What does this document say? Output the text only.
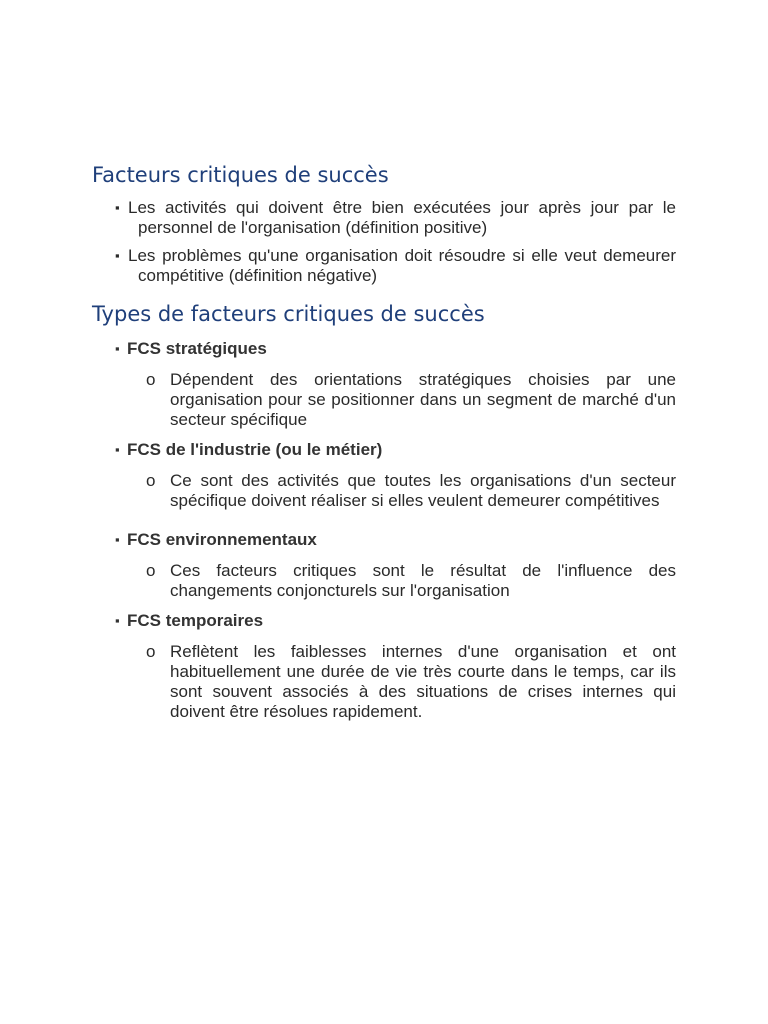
Facteurs critiques de succès
▪ Les activités qui doivent être bien exécutées jour après jour par le personnel de l'organisation (définition positive)
▪ Les problèmes qu'une organisation doit résoudre si elle veut demeurer compétitive (définition négative)
Types de facteurs critiques de succès
▪ FCS stratégiques
o Dépendent des orientations stratégiques choisies par une organisation pour se positionner dans un segment de marché d'un secteur spécifique
▪ FCS de l'industrie (ou le métier)
o Ce sont des activités que toutes les organisations d'un secteur spécifique doivent réaliser si elles veulent demeurer compétitives
▪ FCS environnementaux
o Ces facteurs critiques sont le résultat de l'influence des changements conjoncturels sur l'organisation
▪ FCS temporaires
o Reflètent les faiblesses internes d'une organisation et ont habituellement une durée de vie très courte dans le temps, car ils sont souvent associés à des situations de crises internes qui doivent être résolues rapidement.
